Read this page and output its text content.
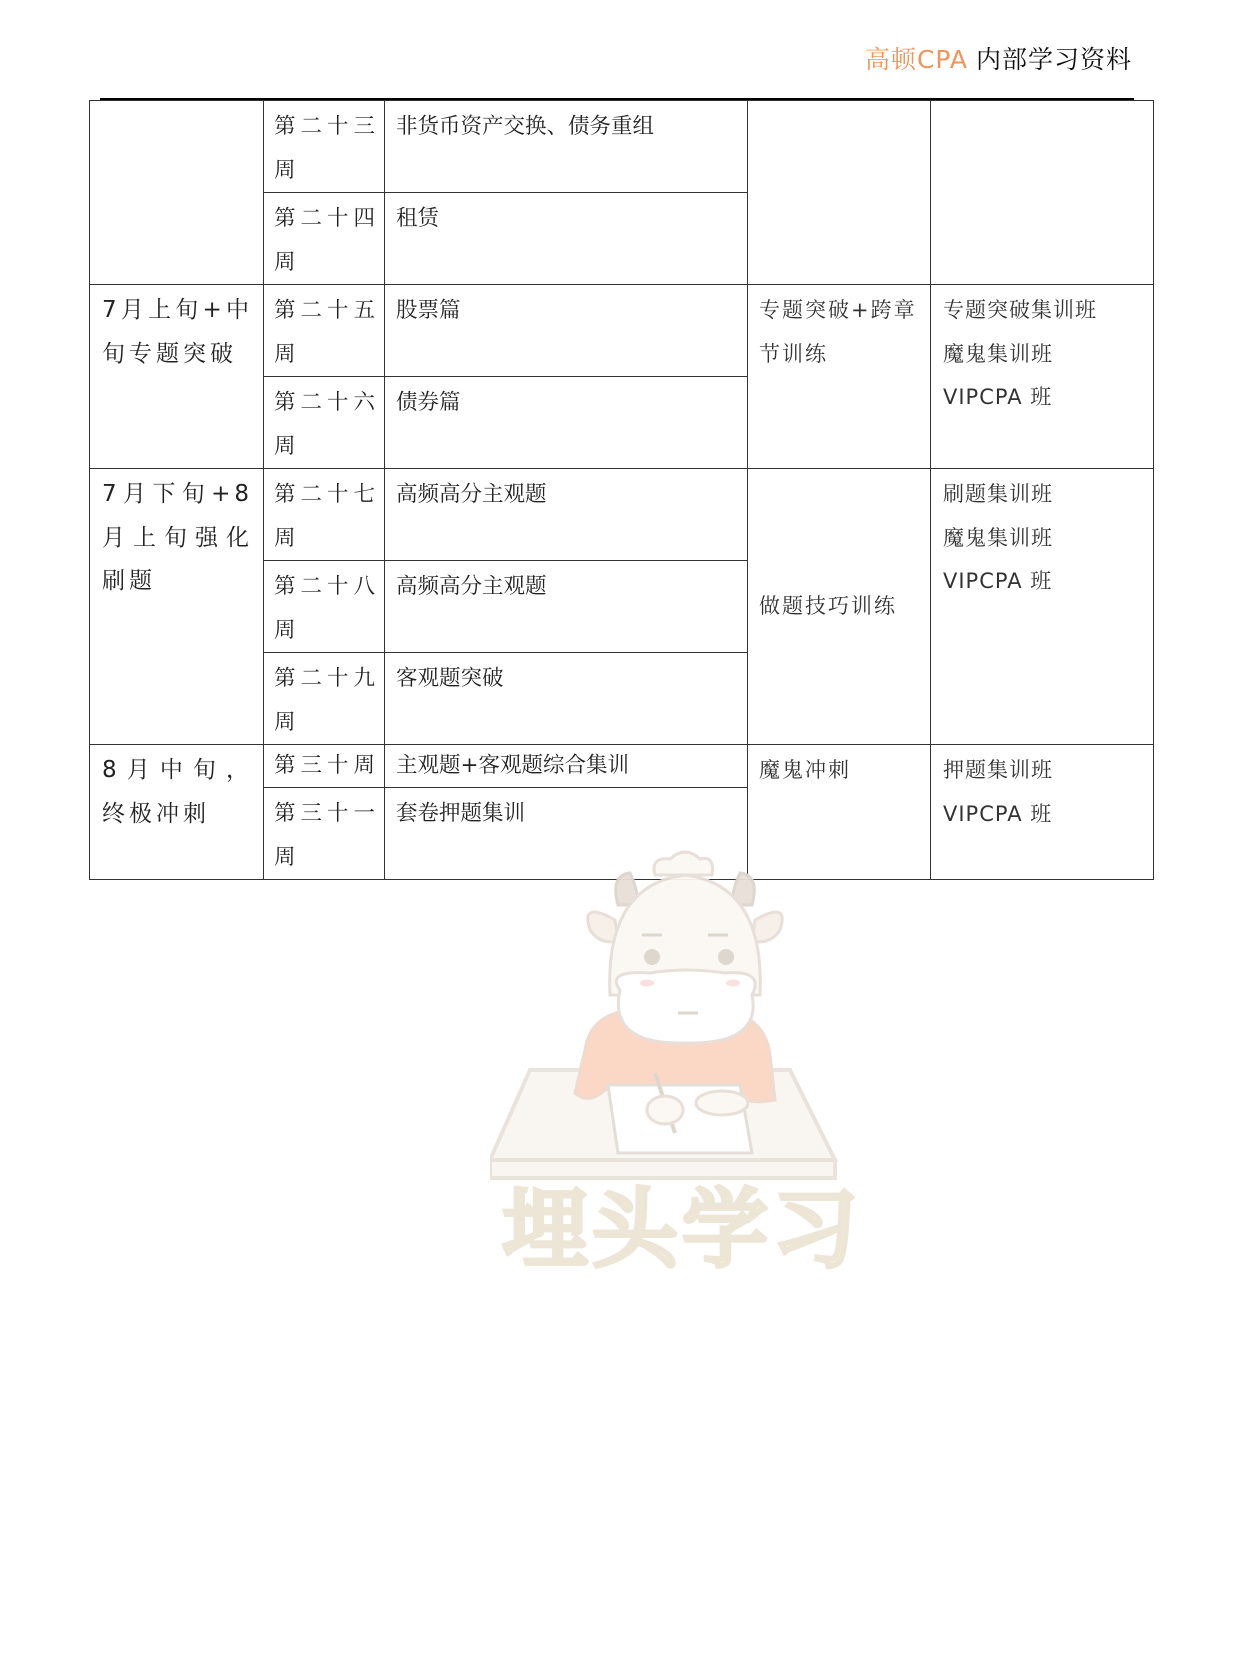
高顿CPA 内部学习资料
	第二十三周	非货币资产交换、债务重组		
	第二十四周	租赁		
7月上旬+中旬专题突破	第二十五周	股票篇	专题突破+跨章节训练	专题突破集训班
魔鬼集训班
VIPCPA 班

	第二十六周	债券篇		
7月下旬+8月上旬强化刷题	第二十七周	高频高分主观题	做题技巧训练	刷题集训班
魔鬼集训班
VIPCPA 班

	第二十八周	高频高分主观题		
	第二十九周	客观题突破		
8月中旬，终极冲刺	第三十周	主观题+客观题综合集训	魔鬼冲刺	押题集训班
VIPCPA 班

	第三十一周	套卷押题集训		
埋头学习
